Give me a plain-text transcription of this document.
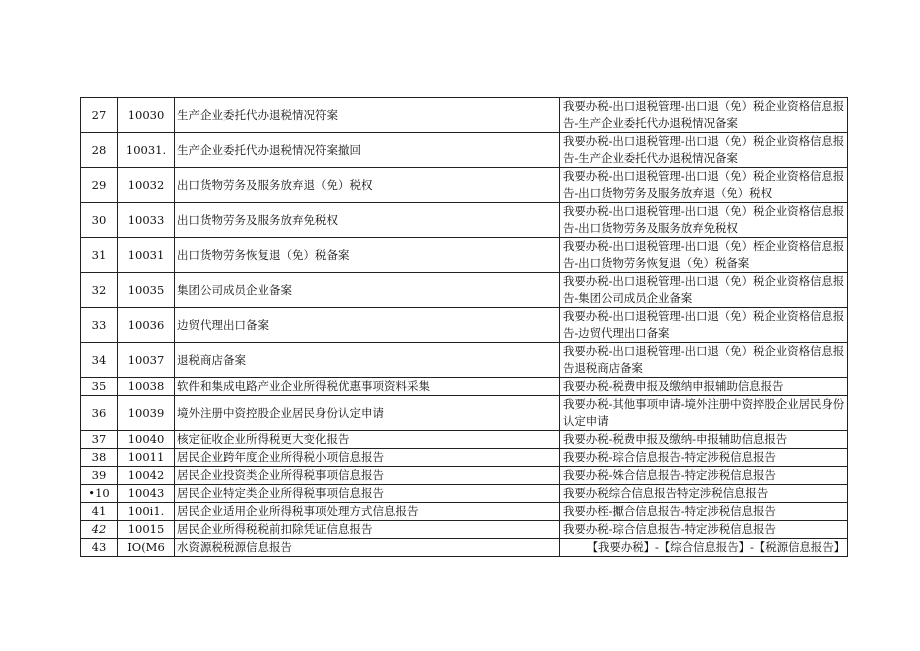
27	10030	生产企业委托代办退税情况符案	我要办税-出口退税管理-出口退（免）税企业资格信息报告-生产企业委托代办退税情况备案
28	10031.	生产企业委托代办退税情况符案撤回	我要办税-出口退税管理-出口退（免）税企业资格信息报告-生产企业委托代办退税情况备案
29	10032	出口货物劳务及服务放弃退（免）税权	我要办税-出口退税管理-出口退（免）税企业资格信息报告-出口货物劳务及服务放弃退（免）税权
30	10033	出口货物劳务及服务放弃免税权	我要办税-出口退税管理-出口退（免）税企业资格信息报告-出口货物劳务及服务放弃免税权
31	10031	出口货物劳务恢复退（免）税备案	我要办税-出口退税管理-出口退（免）桎企业资格信息报告-出口货物劳务恢复退（免）税备案
32	10035	集团公司成员企业备案	我要办税-出口退税管理-出口退（免）税企业资格信息报告-集团公司成员企业备案
33	10036	边贸代理出口备案	我要办税-出口退税管理-出口退（免）税企业资格信息报告-边贸代理出口备案
34	10037	退税商店备案	我要办税-出口退税管理-出口退（免）税企业资格信息报告退税商店备案
35	10038	软件和集成电路产业企业所得税优惠事项资料采集	我要办税-税费申报及缴纳申报辅助信息报告
36	10039	境外注册中资控股企业居民身份认定申请	我要办税-其他事项申请-境外注册中资捽股企业居民身份认定申请
37	10040	核定征收企业所得税更大变化报告	我要办税-税费申报及缴纳-申报辅助信息报告
38	10011	居民企业跨年度企业所得税小项信息报告	我要办税-琮合信息报告-特定涉税信息报告
39	10042	居民企业投资类企业所得税事项信息报告	我要办税-姝合信息报告-特定涉税信息报告
•10	10043	居民企业特定类企业所得税事项信息报告	我要办税综合信息报告特定涉税信息报告
41	100i1.	居民企业适用企业所得税事项处理方式信息报告	我要办桎-擫合信息报告-特定涉税信息报告
42	10015	居民企业所得税税前扣除凭证信息报告	我要办税-琮合信息报告-特定涉税信息报告
43	IO(M6	水资源税税源信息报告	【我要办税】-【综合信息报告】-【税源信息报告】
